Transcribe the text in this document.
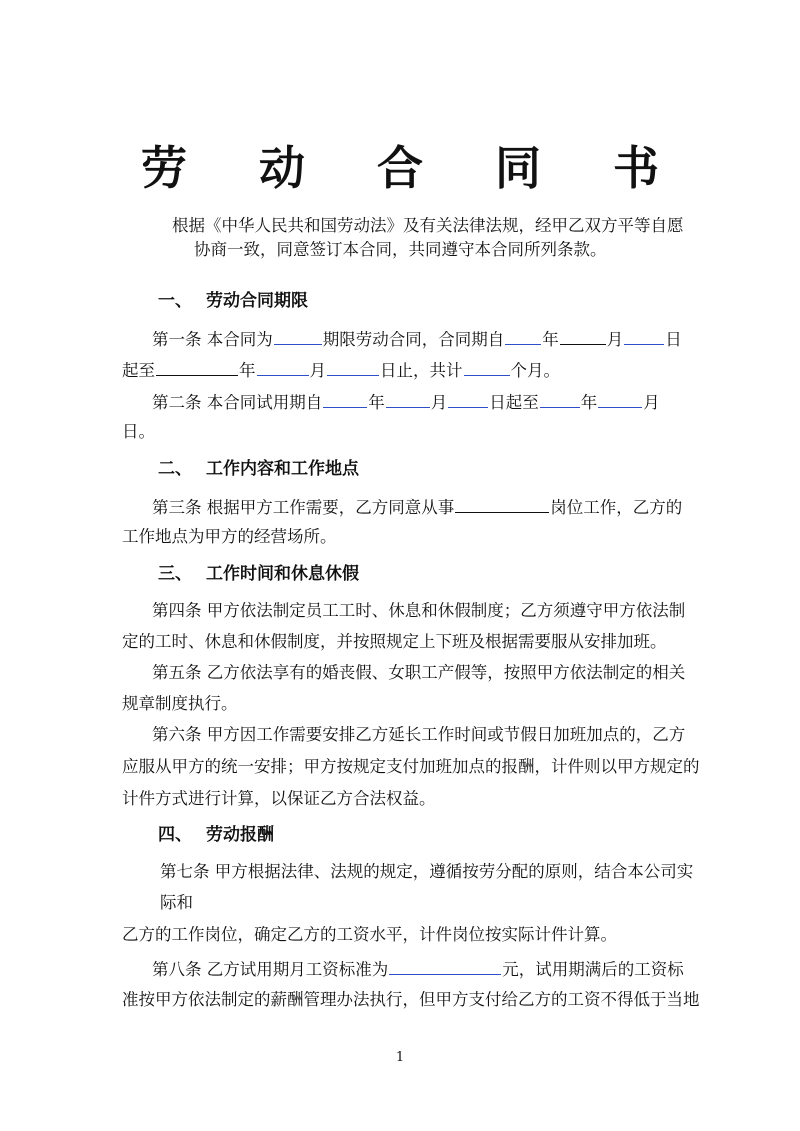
劳 动 合 同 书
根据《中华人民共和国劳动法》及有关法律法规，经甲乙双方平等自愿
协商一致，同意签订本合同，共同遵守本合同所列条款。
一、 劳动合同期限
第一条 本合同为	期限劳动合同，合同期自 年	月	日
起至	年	月	日止，共计	个月。
第二条 本合同试用期自	年	月	日起至	年	月
日。
二、 工作内容和工作地点
第三条 根据甲方工作需要，乙方同意从事	岗位工作，乙方的
工作地点为甲方的经营场所。
三、 工作时间和休息休假
第四条 甲方依法制定员工工时、休息和休假制度；乙方须遵守甲方依法制
定的工时、休息和休假制度，并按照规定上下班及根据需要服从安排加班。
第五条 乙方依法享有的婚丧假、女职工产假等，按照甲方依法制定的相关
规章制度执行。
第六条 甲方因工作需要安排乙方延长工作时间或节假日加班加点的，乙方
应服从甲方的统一安排；甲方按规定支付加班加点的报酬，计件则以甲方规定的
计件方式进行计算，以保证乙方合法权益。
四、 劳动报酬
第七条 甲方根据法律、法规的规定，遵循按劳分配的原则，结合本公司实
际和
乙方的工作岗位，确定乙方的工资水平，计件岗位按实际计件计算。
第八条 乙方试用期月工资标准为	元，试用期满后的工资标
准按甲方依法制定的薪酬管理办法执行，但甲方支付给乙方的工资不得低于当地
1
